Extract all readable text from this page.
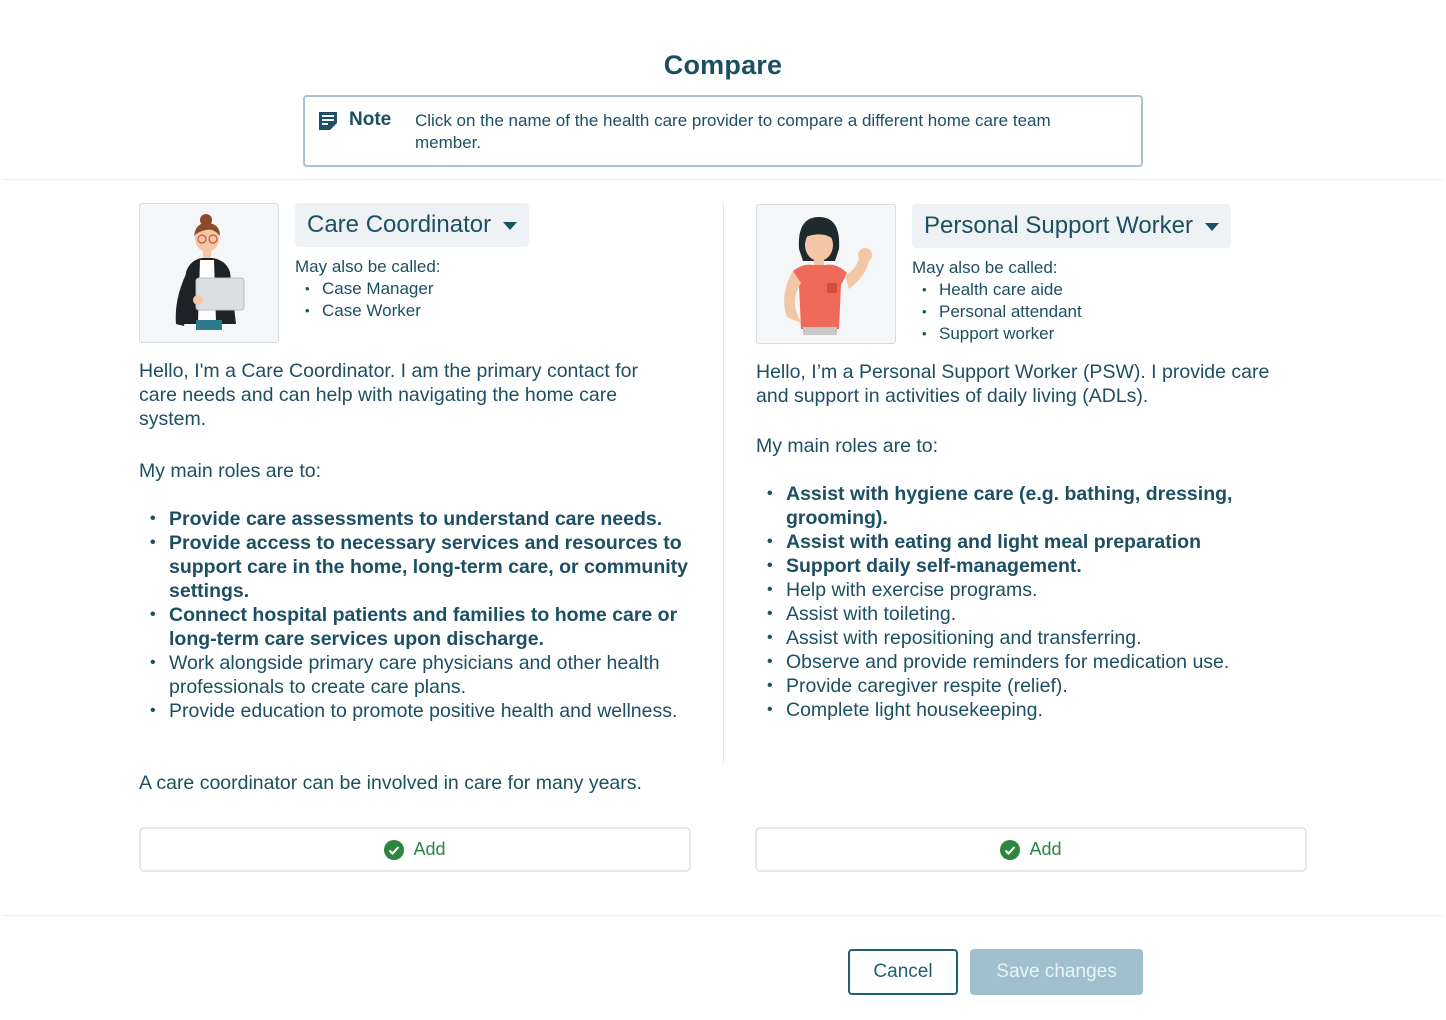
Compare
Note Click on the name of the health care provider to compare a different home care team member.
Care Coordinator
May also be called:
• Case Manager
• Case Worker
Hello, I'm a Care Coordinator. I am the primary contact for care needs and can help with navigating the home care system.
My main roles are to:
• Provide care assessments to understand care needs.
• Provide access to necessary services and resources to support care in the home, long-term care, or community settings.
• Connect hospital patients and families to home care or long-term care services upon discharge.
• Work alongside primary care physicians and other health professionals to create care plans.
• Provide education to promote positive health and wellness.
A care coordinator can be involved in care for many years.
Add
Personal Support Worker
May also be called:
• Health care aide
• Personal attendant
• Support worker
Hello, I’m a Personal Support Worker (PSW). I provide care and support in activities of daily living (ADLs).
My main roles are to:
• Assist with hygiene care (e.g. bathing, dressing, grooming).
• Assist with eating and light meal preparation
• Support daily self-management.
• Help with exercise programs.
• Assist with toileting.
• Assist with repositioning and transferring.
• Observe and provide reminders for medication use.
• Provide caregiver respite (relief).
• Complete light housekeeping.
Add
Cancel	Save changes
